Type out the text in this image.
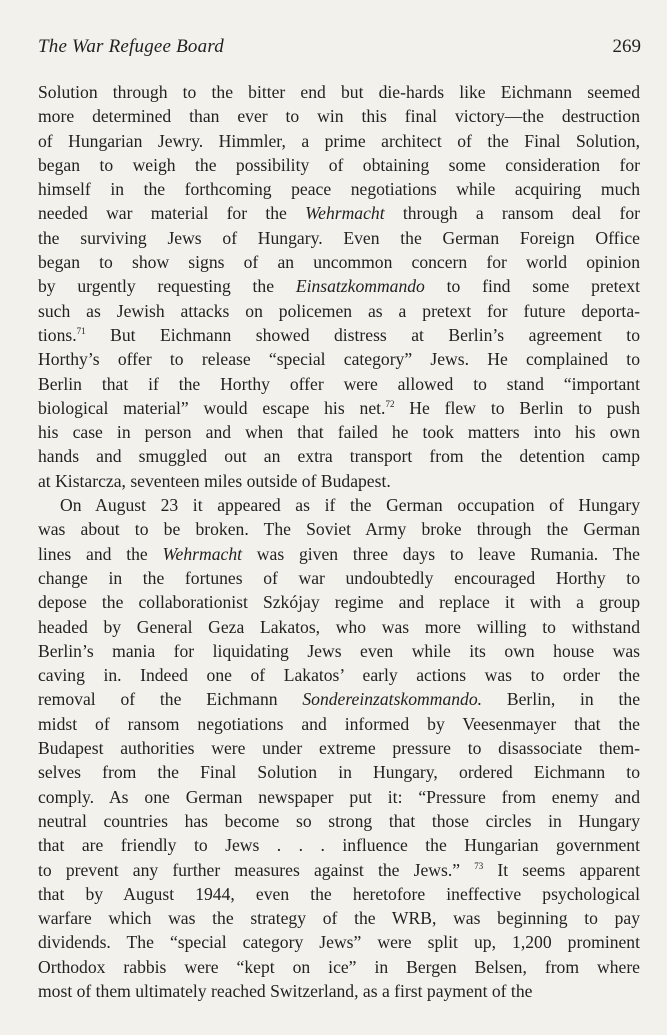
The War Refugee Board	269
Solution through to the bitter end but die-hards like Eichmann seemed
more determined than ever to win this final victory—the destruction
of Hungarian Jewry. Himmler, a prime architect of the Final Solution,
began to weigh the possibility of obtaining some consideration for
himself in the forthcoming peace negotiations while acquiring much
needed war material for the Wehrmacht through a ransom deal for
the surviving Jews of Hungary. Even the German Foreign Office
began to show signs of an uncommon concern for world opinion
by urgently requesting the Einsatzkommando to find some pretext
such as Jewish attacks on policemen as a pretext for future deporta-
tions.$^{71}$ But Eichmann showed distress at Berlin’s agreement to
Horthy’s offer to release “special category” Jews. He complained to
Berlin that if the Horthy offer were allowed to stand “important
biological material” would escape his net.$^{72}$ He flew to Berlin to push
his case in person and when that failed he took matters into his own
hands and smuggled out an extra transport from the detention camp
at Kistarcza, seventeen miles outside of Budapest.
On August 23 it appeared as if the German occupation of Hungary
was about to be broken. The Soviet Army broke through the German
lines and the Wehrmacht was given three days to leave Rumania. The
change in the fortunes of war undoubtedly encouraged Horthy to
depose the collaborationist Szkójay regime and replace it with a group
headed by General Geza Lakatos, who was more willing to withstand
Berlin’s mania for liquidating Jews even while its own house was
caving in. Indeed one of Lakatos’ early actions was to order the
removal of the Eichmann Sondereinzatskommando. Berlin, in the
midst of ransom negotiations and informed by Veesenmayer that the
Budapest authorities were under extreme pressure to disassociate them-
selves from the Final Solution in Hungary, ordered Eichmann to
comply. As one German newspaper put it: “Pressure from enemy and
neutral countries has become so strong that those circles in Hungary
that are friendly to Jews . . . influence the Hungarian government
to prevent any further measures against the Jews.” $^{73}$ It seems apparent
that by August 1944, even the heretofore ineffective psychological
warfare which was the strategy of the WRB, was beginning to pay
dividends. The “special category Jews” were split up, 1,200 prominent
Orthodox rabbis were “kept on ice” in Bergen Belsen, from where
most of them ultimately reached Switzerland, as a first payment of the
